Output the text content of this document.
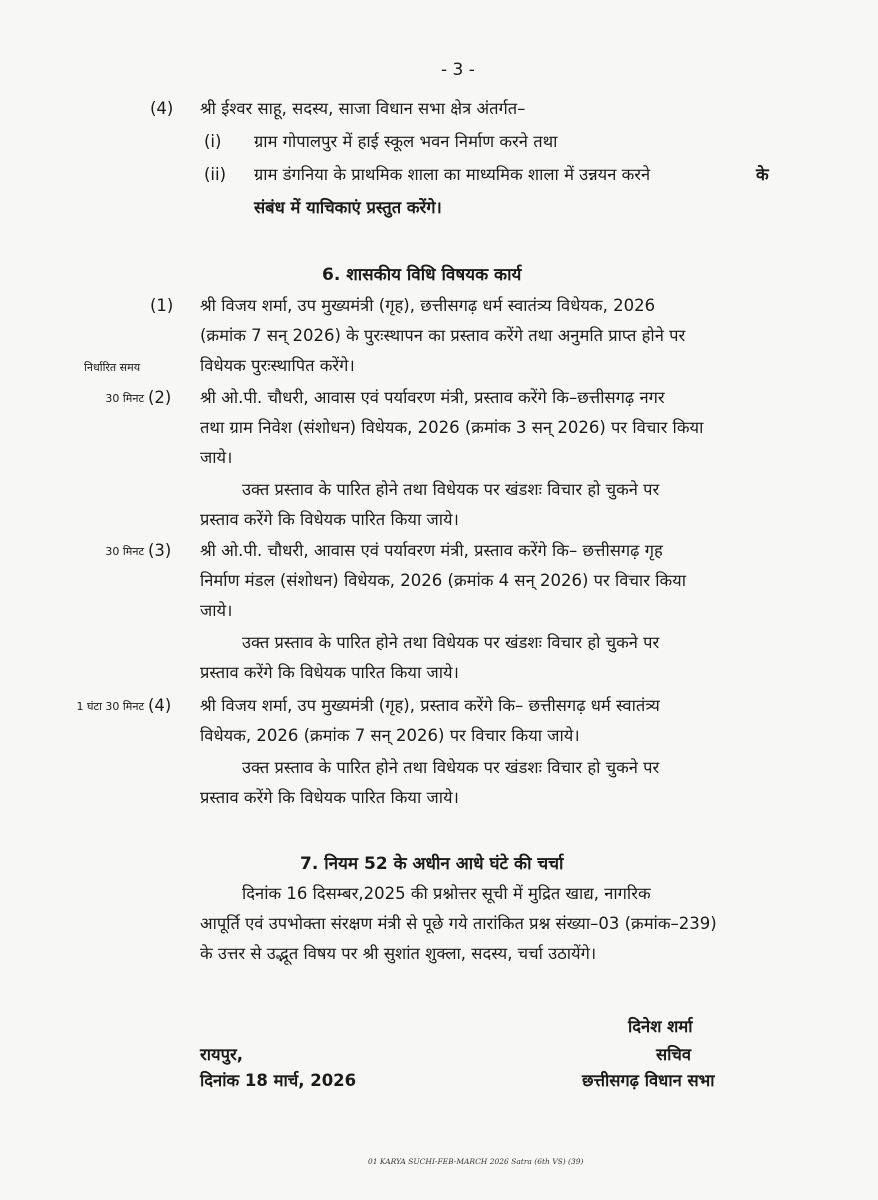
- 3 -
(4) श्री ईश्वर साहू, सदस्य, साजा विधान सभा क्षेत्र अंतर्गत–
(i) ग्राम गोपालपुर में हाई स्कूल भवन निर्माण करने तथा
(ii) ग्राम डंगनिया के प्राथमिक शाला का माध्यमिक शाला में उन्नयन करने	के
संबंध में याचिकाएं प्रस्तुत करेंगे।
6. शासकीय विधि विषयक कार्य
(1) श्री विजय शर्मा, उप मुख्यमंत्री (गृह), छत्तीसगढ़ धर्म स्वातंत्र्य विधेयक, 2026
(क्रमांक 7 सन् 2026) के पुरःस्थापन का प्रस्ताव करेंगे तथा अनुमति प्राप्त होने पर
विधेयक पुरःस्थापित करेंगे।
निर्धारित समय
30 मिनट (2) श्री ओ.पी. चौधरी, आवास एवं पर्यावरण मंत्री, प्रस्ताव करेंगे कि–छत्तीसगढ़ नगर
तथा ग्राम निवेश (संशोधन) विधेयक, 2026 (क्रमांक 3 सन् 2026) पर विचार किया
जाये।
उक्त प्रस्ताव के पारित होने तथा विधेयक पर खंडशः विचार हो चुकने पर
प्रस्ताव करेंगे कि विधेयक पारित किया जाये।
30 मिनट (3) श्री ओ.पी. चौधरी, आवास एवं पर्यावरण मंत्री, प्रस्ताव करेंगे कि– छत्तीसगढ़ गृह
निर्माण मंडल (संशोधन) विधेयक, 2026 (क्रमांक 4 सन् 2026) पर विचार किया
जाये।
उक्त प्रस्ताव के पारित होने तथा विधेयक पर खंडशः विचार हो चुकने पर
प्रस्ताव करेंगे कि विधेयक पारित किया जाये।
1 घंटा 30 मिनट (4) श्री विजय शर्मा, उप मुख्यमंत्री (गृह), प्रस्ताव करेंगे कि– छत्तीसगढ़ धर्म स्वातंत्र्य
विधेयक, 2026 (क्रमांक 7 सन् 2026) पर विचार किया जाये।
उक्त प्रस्ताव के पारित होने तथा विधेयक पर खंडशः विचार हो चुकने पर
प्रस्ताव करेंगे कि विधेयक पारित किया जाये।
7. नियम 52 के अधीन आधे घंटे की चर्चा
दिनांक 16 दिसम्बर,2025 की प्रश्नोत्तर सूची में मुद्रित खाद्य, नागरिक
आपूर्ति एवं उपभोक्ता संरक्षण मंत्री से पूछे गये तारांकित प्रश्न संख्या–03 (क्रमांक–239)
के उत्तर से उद्भूत विषय पर श्री सुशांत शुक्ला, सदस्य, चर्चा उठायेंगे।
दिनेश शर्मा
सचिव
छत्तीसगढ़ विधान सभा
रायपुर,
दिनांक 18 मार्च, 2026
01 KARYA SUCHI-FEB-MARCH 2026 Satra (6th VS) (39)
